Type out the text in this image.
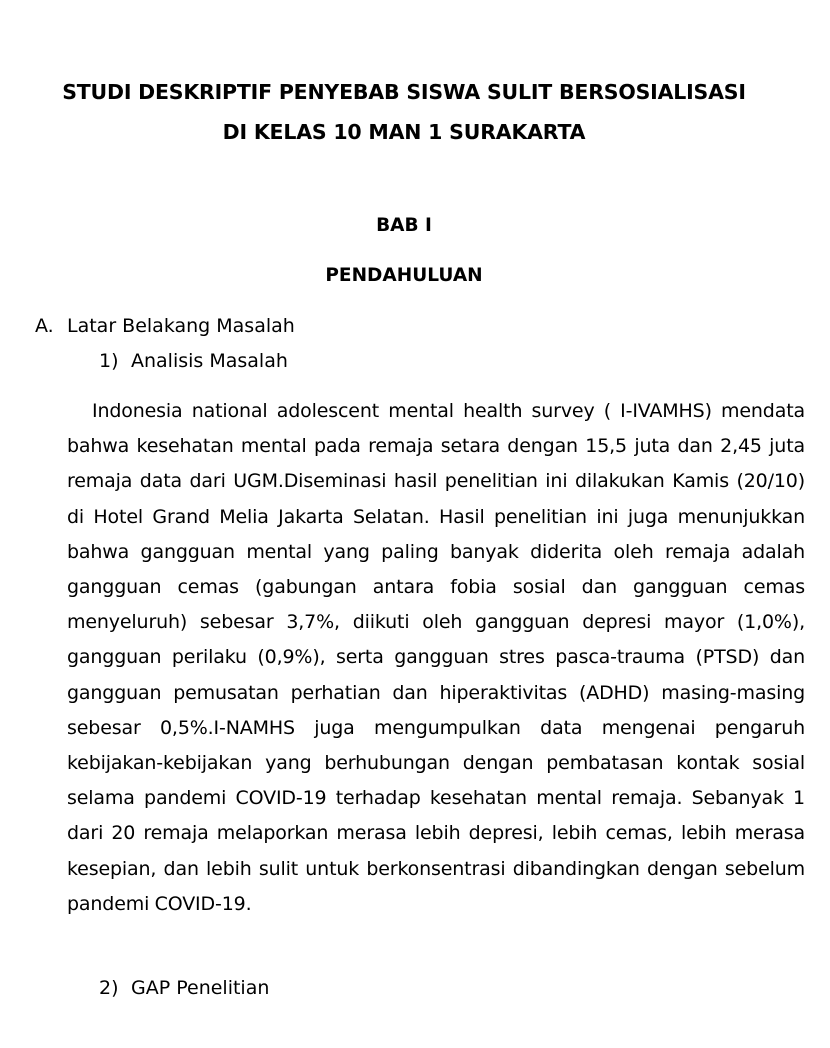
STUDI DESKRIPTIF PENYEBAB SISWA SULIT BERSOSIALISASI
DI KELAS 10 MAN 1 SURAKARTA
BAB I
PENDAHULUAN
A. Latar Belakang Masalah
1) Analisis Masalah

Indonesia national adolescent mental health survey ( I-IVAMHS) mendata bahwa kesehatan mental pada remaja setara dengan 15,5 juta dan 2,45 juta remaja data dari UGM.Diseminasi hasil penelitian ini dilakukan Kamis (20/10) di Hotel Grand Melia Jakarta Selatan. Hasil penelitian ini juga menunjukkan bahwa gangguan mental yang paling banyak diderita oleh remaja adalah gangguan cemas (gabungan antara fobia sosial dan gangguan cemas menyeluruh) sebesar 3,7%, diikuti oleh gangguan depresi mayor (1,0%), gangguan perilaku (0,9%), serta gangguan stres pasca-trauma (PTSD) dan gangguan pemusatan perhatian dan hiperaktivitas (ADHD) masing-masing sebesar 0,5%.I-NAMHS juga mengumpulkan data mengenai pengaruh kebijakan-kebijakan yang berhubungan dengan pembatasan kontak sosial selama pandemi COVID-19 terhadap kesehatan mental remaja. Sebanyak 1 dari 20 remaja melaporkan merasa lebih depresi, lebih cemas, lebih merasa kesepian, dan lebih sulit untuk berkonsentrasi dibandingkan dengan sebelum pandemi COVID-19.

2) GAP Penelitian
